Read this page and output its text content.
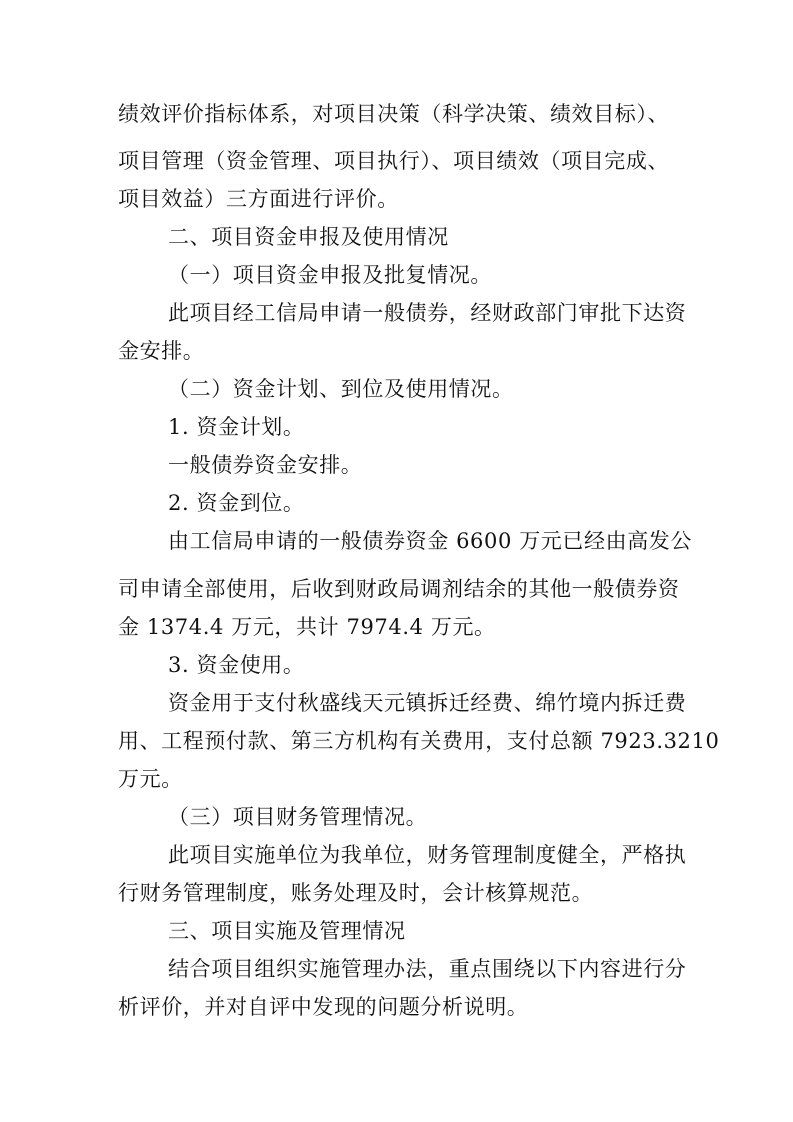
绩效评价指标体系，对项目决策（科学决策、绩效目标）、
项目管理（资金管理、项目执行）、项目绩效（项目完成、
项目效益）三方面进行评价。
二、项目资金申报及使用情况
（一）项目资金申报及批复情况。
此项目经工信局申请一般债券，经财政部门审批下达资
金安排。
（二）资金计划、到位及使用情况。
1. 资金计划。
一般债券资金安排。
2. 资金到位。
由工信局申请的一般债券资金 6600 万元已经由高发公
司申请全部使用，后收到财政局调剂结余的其他一般债券资
金 1374.4 万元，共计 7974.4 万元。
3. 资金使用。
资金用于支付秋盛线天元镇拆迁经费、绵竹境内拆迁费
用、工程预付款、第三方机构有关费用，支付总额 7923.3210
万元。
（三）项目财务管理情况。
此项目实施单位为我单位，财务管理制度健全，严格执
行财务管理制度，账务处理及时，会计核算规范。
三、项目实施及管理情况
结合项目组织实施管理办法，重点围绕以下内容进行分
析评价，并对自评中发现的问题分析说明。
